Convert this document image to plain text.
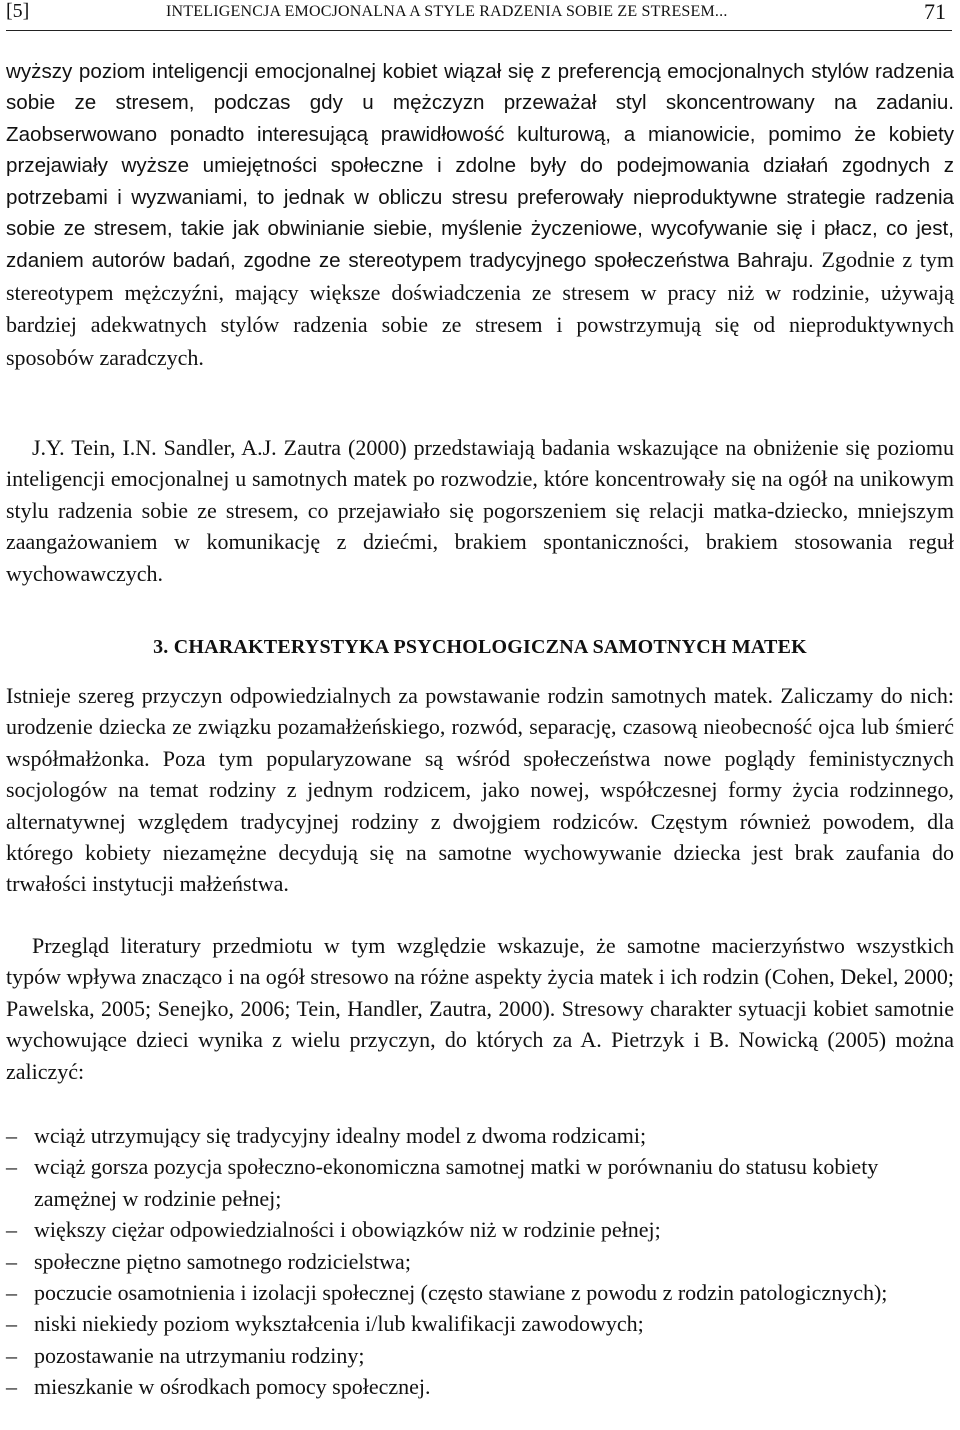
[5]	INTELIGENCJA EMOCJONALNA A STYLE RADZENIA SOBIE ZE STRESEM...	71

wyższy poziom inteligencji emocjonalnej kobiet wiązał się z preferencją emocjonalnych stylów radzenia sobie ze stresem, podczas gdy u mężczyzn przeważał styl skoncentrowany na zadaniu. Zaobserwowano ponadto interesującą prawidłowość kulturową, a mianowicie, pomimo że kobiety przejawiały wyższe umiejętności społeczne i zdolne były do podejmowania działań zgodnych z potrzebami i wyzwaniami, to jednak w obliczu stresu preferowały nieproduktywne strategie radzenia sobie ze stresem, takie jak obwinianie siebie, myślenie życzeniowe, wycofywanie się i płacz, co jest, zdaniem autorów badań, zgodne ze stereotypem tradycyjnego społeczeństwa Bahraju. Zgodnie z tym stereotypem mężczyźni, mający większe doświadczenia ze stresem w pracy niż w rodzinie, używają bardziej adekwatnych stylów radzenia sobie ze stresem i powstrzymują się od nieproduktywnych sposobów zaradczych.

J.Y. Tein, I.N. Sandler, A.J. Zautra (2000) przedstawiają badania wskazujące na obniżenie się poziomu inteligencji emocjonalnej u samotnych matek po rozwodzie, które koncentrowały się na ogół na unikowym stylu radzenia sobie ze stresem, co przejawiało się pogorszeniem się relacji matka-dziecko, mniejszym zaangażowaniem w komunikację z dziećmi, brakiem spontaniczności, brakiem stosowania reguł wychowawczych.

3. CHARAKTERYSTYKA PSYCHOLOGICZNA SAMOTNYCH MATEK

Istnieje szereg przyczyn odpowiedzialnych za powstawanie rodzin samotnych matek. Zaliczamy do nich: urodzenie dziecka ze związku pozamałżeńskiego, rozwód, separację, czasową nieobecność ojca lub śmierć współmałżonka. Poza tym popularyzowane są wśród społeczeństwa nowe poglądy feministycznych socjologów na temat rodziny z jednym rodzicem, jako nowej, współczesnej formy życia rodzinnego, alternatywnej względem tradycyjnej rodziny z dwojgiem rodziców. Częstym również powodem, dla którego kobiety niezamężne decydują się na samotne wychowywanie dziecka jest brak zaufania do trwałości instytucji małżeństwa.

Przegląd literatury przedmiotu w tym względzie wskazuje, że samotne macierzyństwo wszystkich typów wpływa znacząco i na ogół stresowo na różne aspekty życia matek i ich rodzin (Cohen, Dekel, 2000; Pawelska, 2005; Senejko, 2006; Tein, Handler, Zautra, 2000). Stresowy charakter sytuacji kobiet samotnie wychowujące dzieci wynika z wielu przyczyn, do których za A. Pietrzyk i B. Nowicką (2005) można zaliczyć:

– wciąż utrzymujący się tradycyjny idealny model z dwoma rodzicami;
– wciąż gorsza pozycja społeczno-ekonomiczna samotnej matki w porównaniu do statusu kobiety zamężnej w rodzinie pełnej;
– większy ciężar odpowiedzialności i obowiązków niż w rodzinie pełnej;
– społeczne piętno samotnego rodzicielstwa;
– poczucie osamotnienia i izolacji społecznej (często stawiane z powodu z rodzin patologicznych);
– niski niekiedy poziom wykształcenia i/lub kwalifikacji zawodowych;
– pozostawanie na utrzymaniu rodziny;
– mieszkanie w ośrodkach pomocy społecznej.
